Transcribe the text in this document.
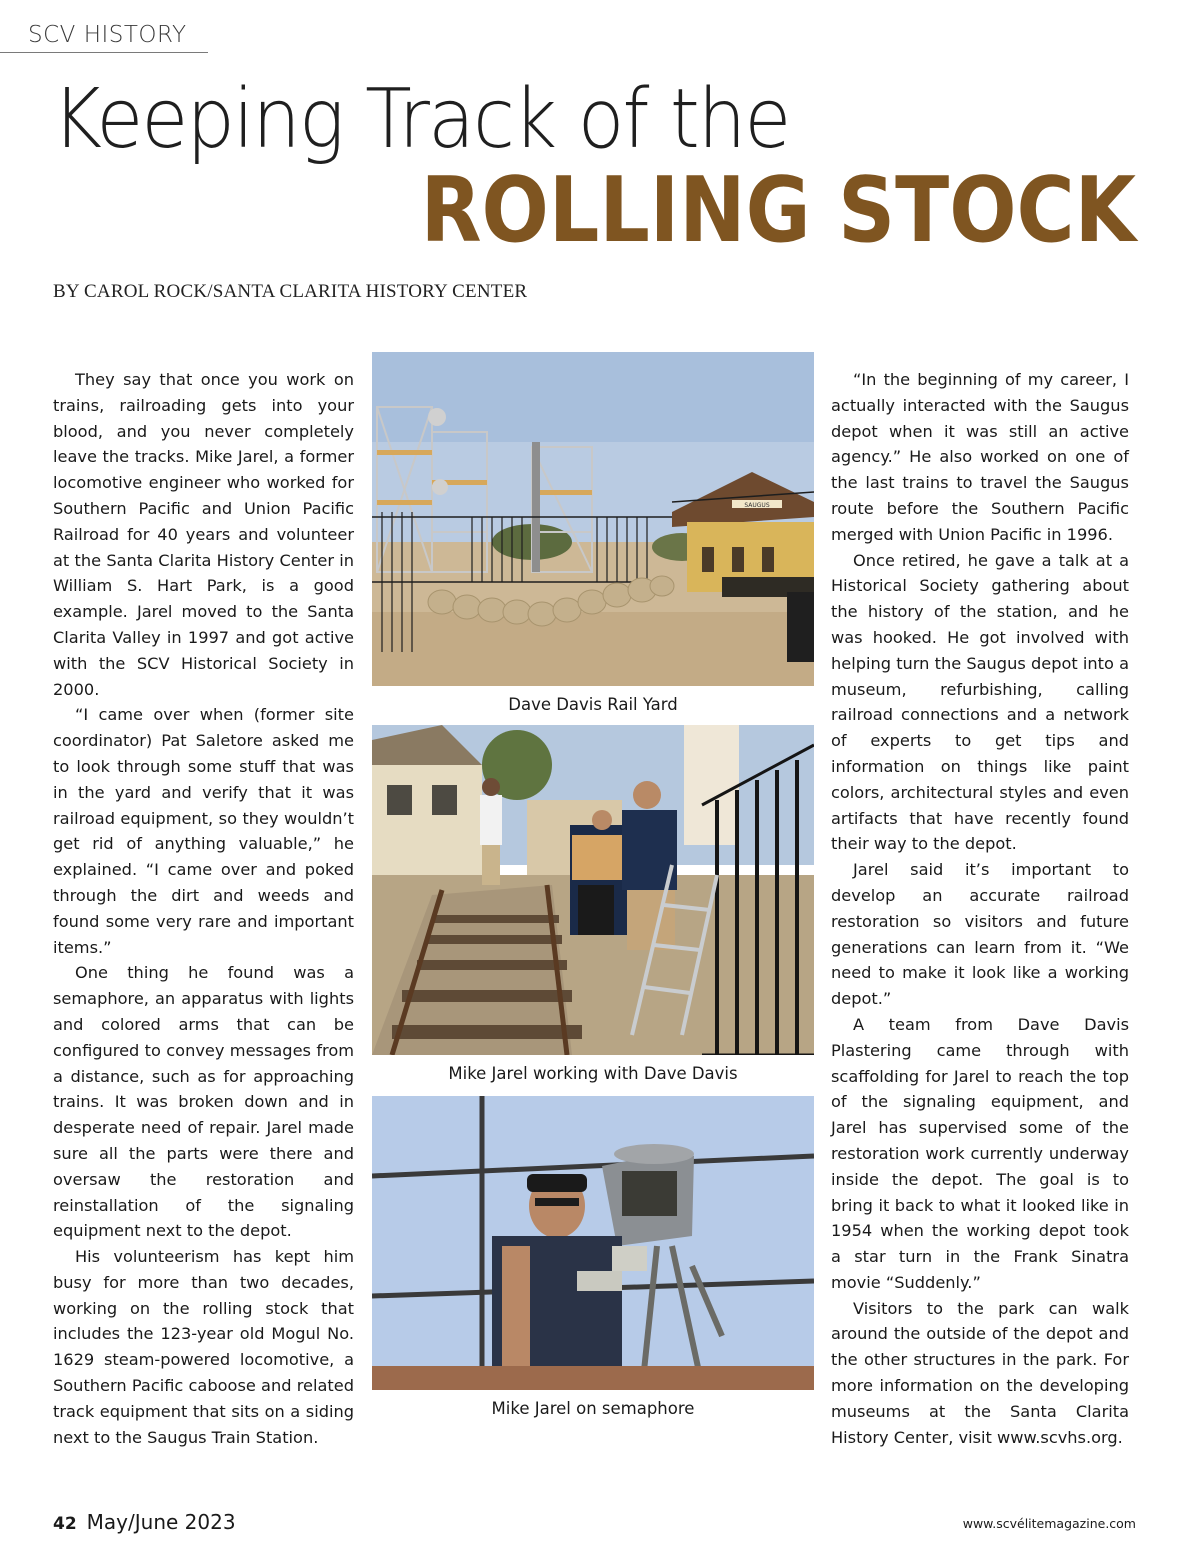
SCV HISTORY
Keeping Track of the
ROLLING STOCK
BY CAROL ROCK/SANTA CLARITA HISTORY CENTER

They say that once you work on trains, railroading gets into your blood, and you never completely leave the tracks. Mike Jarel, a former locomotive engineer who worked for Southern Pacific and Union Pacific Railroad for 40 years and volunteer at the Santa Clarita History Center in William S. Hart Park, is a good example. Jarel moved to the Santa Clarita Valley in 1997 and got active with the SCV Historical Society in 2000.

“I came over when (former site coordinator) Pat Saletore asked me to look through some stuff that was in the yard and verify that it was railroad equipment, so they wouldn’t get rid of anything valuable,” he explained. “I came over and poked through the dirt and weeds and found some very rare and important items.”

One thing he found was a semaphore, an apparatus with lights and colored arms that can be configured to convey messages from a distance, such as for approaching trains. It was broken down and in desperate need of repair. Jarel made sure all the parts were there and oversaw the restoration and reinstallation of the signaling equipment next to the depot.

His volunteerism has kept him busy for more than two decades, working on the rolling stock that includes the 123-year old Mogul No. 1629 steam-powered locomotive, a Southern Pacific caboose and related track equipment that sits on a siding next to the Saugus Train Station.

SAUGUS
Dave Davis Rail Yard
Mike Jarel working with Dave Davis
Mike Jarel on semaphore

“In the beginning of my career, I actually interacted with the Saugus depot when it was still an active agency.” He also worked on one of the last trains to travel the Saugus route before the Southern Pacific merged with Union Pacific in 1996.

Once retired, he gave a talk at a Historical Society gathering about the history of the station, and he was hooked. He got involved with helping turn the Saugus depot into a museum, refurbishing, calling railroad connections and a network of experts to get tips and information on things like paint colors, architectural styles and even artifacts that have recently found their way to the depot.

Jarel said it’s important to develop an accurate railroad restoration so visitors and future generations can learn from it. “We need to make it look like a working depot.”

A team from Dave Davis Plastering came through with scaffolding for Jarel to reach the top of the signaling equipment, and Jarel has supervised some of the restoration work currently underway inside the depot. The goal is to bring it back to what it looked like in 1954 when the working depot took a star turn in the Frank Sinatra movie “Suddenly.”

Visitors to the park can walk around the outside of the depot and the other structures in the park. For more information on the developing museums at the Santa Clarita History Center, visit www.scvhs.org.

42 May/June 2023	www.scvélitemagazine.com
